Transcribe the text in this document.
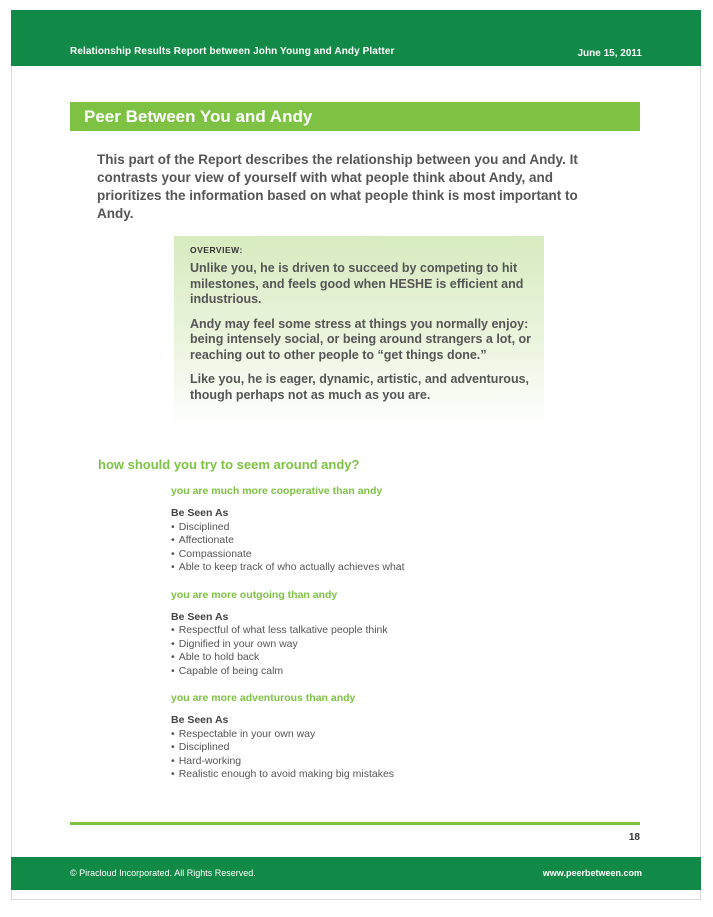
Relationship Results Report between John Young and Andy Platter	June 15, 2011
Peer Between You and Andy
This part of the Report describes the relationship between you and Andy. It contrasts your view of yourself with what people think about Andy, and prioritizes the information based on what people think is most important to Andy.
OVERVIEW:

Unlike you, he is driven to succeed by competing to hit milestones, and feels good when HESHE is efficient and industrious.

Andy may feel some stress at things you normally enjoy: being intensely social, or being around strangers a lot, or reaching out to other people to “get things done.”

Like you, he is eager, dynamic, artistic, and adventurous, though perhaps not as much as you are.

how should you try to seem around andy?
you are much more cooperative than andy
Be Seen As
• Disciplined
• Affectionate
• Compassionate
• Able to keep track of who actually achieves what
you are more outgoing than andy
Be Seen As
• Respectful of what less talkative people think
• Dignified in your own way
• Able to hold back
• Capable of being calm
you are more adventurous than andy
Be Seen As
• Respectable in your own way
• Disciplined
• Hard-working
• Realistic enough to avoid making big mistakes
18
© Piracloud Incorporated. All Rights Reserved.	www.peerbetween.com
